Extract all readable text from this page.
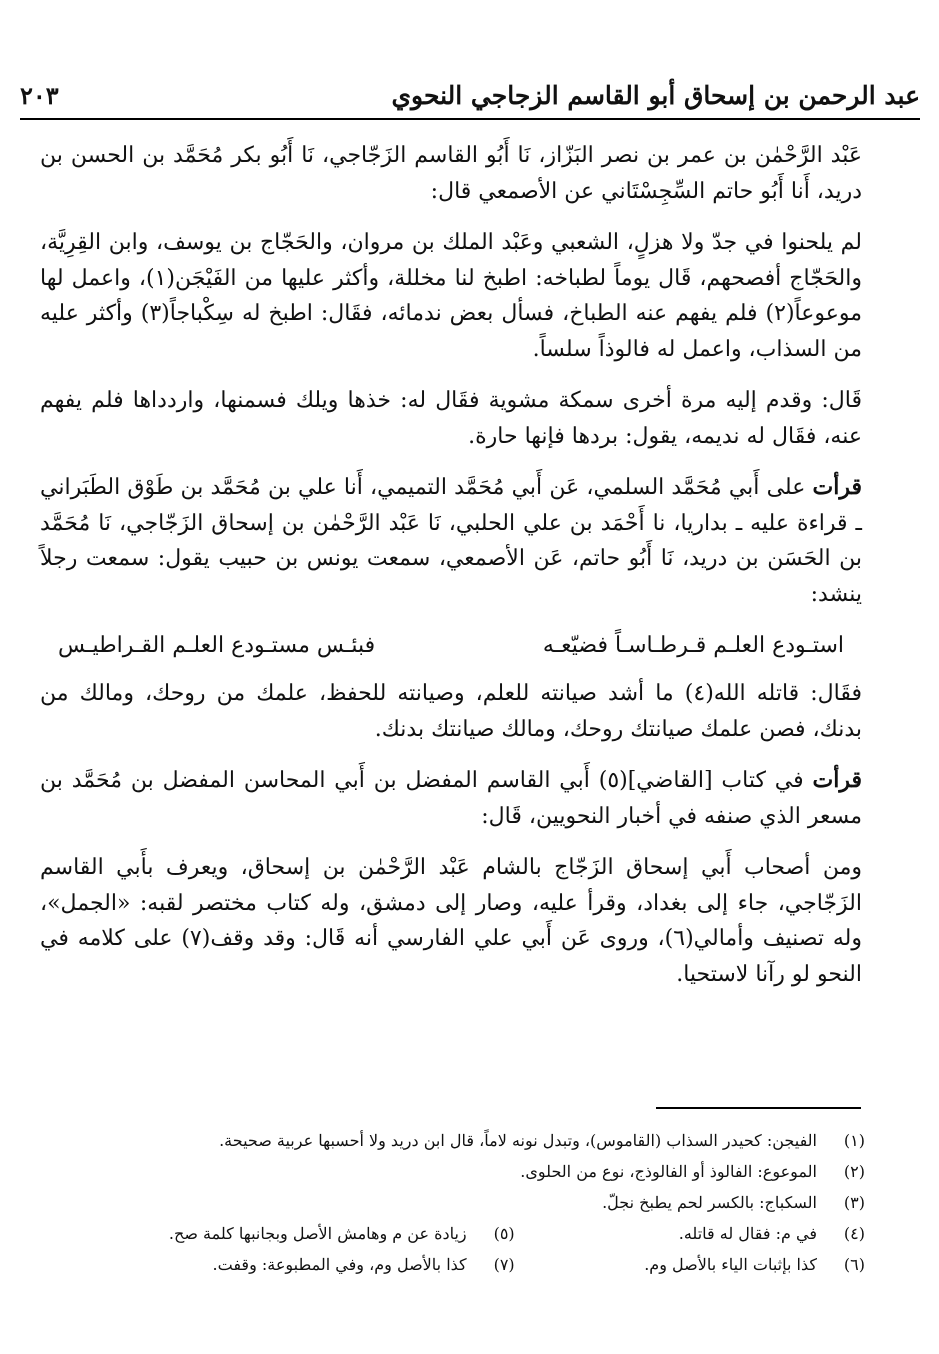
عبد الرحمن بن إسحاق أبو القاسم الزجاجي النحوي
٢٠٣

عَبْد الرَّحْمٰن بن عمر بن نصر البَزّاز، نَا أَبُو القاسم الزَجّاجي، نَا أَبُو بكر مُحَمَّد بن الحسن بن دريد، أَنا أَبُو حاتم السِّجِسْتَاني عن الأصمعي قال:

لم يلحنوا في جدّ ولا هزلٍ، الشعبي وعَبْد الملك بن مروان، والحَجّاج بن يوسف، وابن القِرِيَّة، والحَجّاج أفصحهم، قَال يوماً لطباخه: اطبخ لنا مخللة، وأكثر عليها من الفَيْجَن(١)، واعمل لها موعوعاً(٢) فلم يفهم عنه الطباخ، فسأل بعض ندمائه، فقَال: اطبخ له سِكْباجاً(٣) وأكثر عليه من السذاب، واعمل له فالوذاً سلساً.

قَال: وقدم إليه مرة أخرى سمكة مشوية فقَال له: خذها ويلك فسمنها، واردداها فلم يفهم عنه، فقَال له نديمه، يقول: بردها فإنها حارة.

قرأت على أَبي مُحَمَّد السلمي، عَن أَبي مُحَمَّد التميمي، أَنا علي بن مُحَمَّد بن طَوْق الطَبَراني ـ قراءة عليه ـ بداريا، نا أَحْمَد بن علي الحلبي، نَا عَبْد الرَّحْمٰن بن إسحاق الزَجّاجي، نَا مُحَمَّد بن الحَسَن بن دريد، نَا أَبُو حاتم، عَن الأصمعي، سمعت يونس بن حبيب يقول: سمعت رجلاً ينشد:

استـودع العلـم قـرطـاسـاً فضيّعـه
فبئـس مستـودع العلـم القـراطيـس

فقَال: قاتله الله(٤) ما أشد صيانته للعلم، وصيانته للحفظ، علمك من روحك، ومالك من بدنك، فصن علمك صيانتك روحك، ومالك صيانتك بدنك.

قرأت في كتاب [القاضي](٥) أَبي القاسم المفضل بن أَبي المحاسن المفضل بن مُحَمَّد بن مسعر الذي صنفه في أخبار النحويين، قَال:

ومن أصحاب أَبي إسحاق الزَجّاج بالشام عَبْد الرَّحْمٰن بن إسحاق، ويعرف بأَبي القاسم الزَجّاجي، جاء إلى بغداد، وقرأ عليه، وصار إلى دمشق، وله كتاب مختصر لقبه: «الجمل»، وله تصنيف وأمالي(٦)، وروى عَن أَبي علي الفارسي أنه قَال: وقد وقف(٧) على كلامه في النحو لو رآنا لاستحيا.

(١)
الفيجن: كحيدر السذاب (القاموس)، وتبدل نونه لاماً، قال ابن دريد ولا أحسبها عربية صحيحة.
(٢)
الموعوع: الفالوذ أو الفالوذج، نوع من الحلوى.
(٣)
السكباج: بالكسر لحم يطبخ نجلّ.
(٤)
في م: فقال له قاتله.
(٦)
كذا بإثبات الياء بالأصل وم.
(٥)
زيادة عن م وهامش الأصل وبجانبها كلمة صح.
(٧)
كذا بالأصل وم، وفي المطبوعة: وقفت.
